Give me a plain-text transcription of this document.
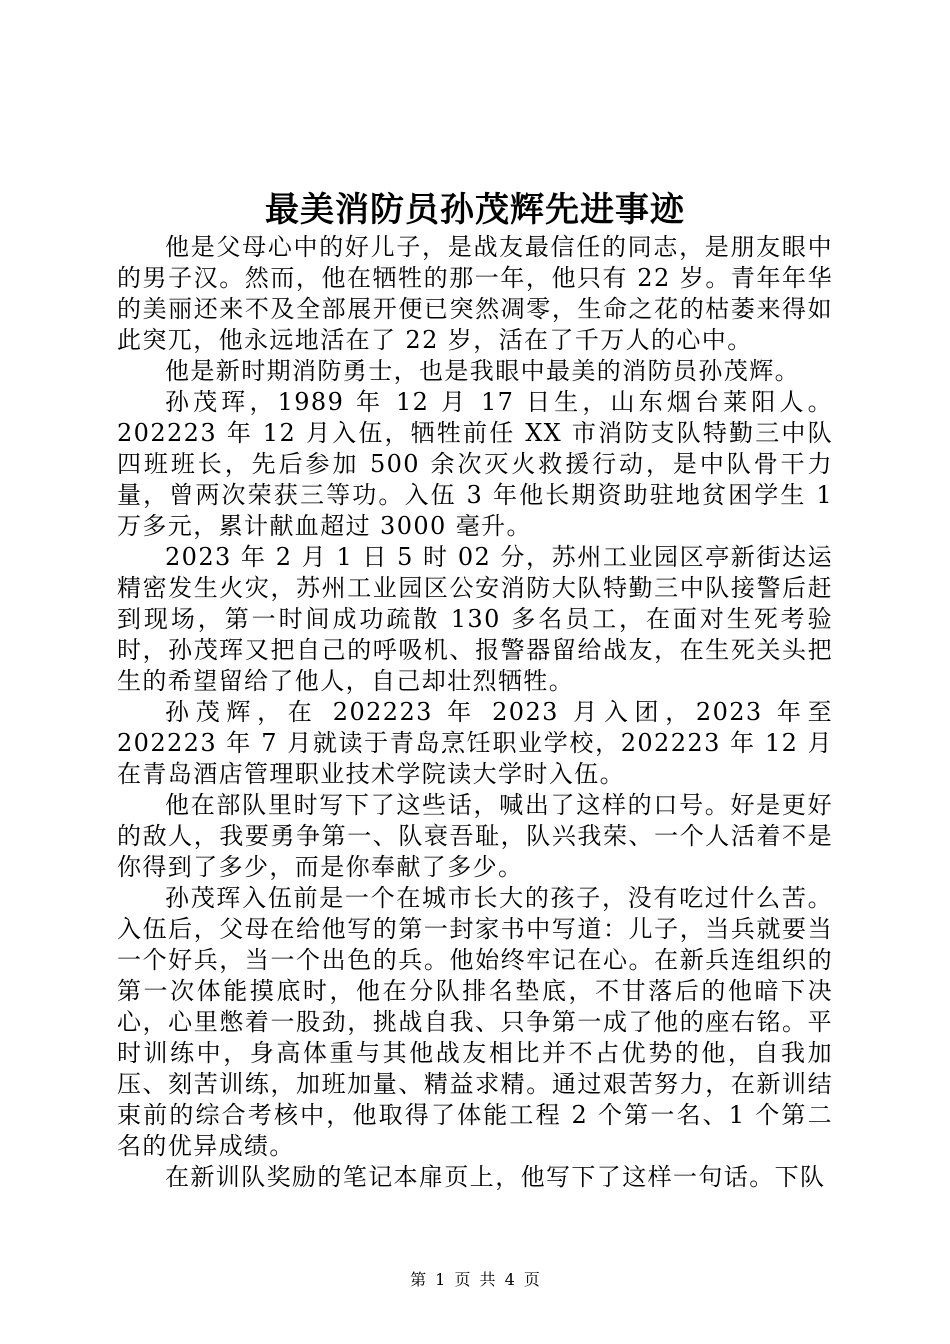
最美消防员孙茂辉先进事迹

他是父母心中的好儿子，是战友最信任的同志，是朋友眼中的男子汉。然而，他在牺牲的那一年，他只有 22 岁。青年年华的美丽还来不及全部展开便已突然凋零，生命之花的枯萎来得如此突兀，他永远地活在了 22 岁，活在了千万人的心中。

他是新时期消防勇士，也是我眼中最美的消防员孙茂辉。

孙茂珲，1989 年 12 月 17 日生，山东烟台莱阳人。202223 年 12 月入伍，牺牲前任 XX 市消防支队特勤三中队四班班长，先后参加 500 余次灭火救援行动，是中队骨干力量，曾两次荣获三等功。入伍 3 年他长期资助驻地贫困学生 1 万多元，累计献血超过 3000 毫升。

2023 年 2 月 1 日 5 时 02 分，苏州工业园区亭新街达运精密发生火灾，苏州工业园区公安消防大队特勤三中队接警后赶到现场，第一时间成功疏散 130 多名员工，在面对生死考验时，孙茂珲又把自己的呼吸机、报警器留给战友，在生死关头把生的希望留给了他人，自己却壮烈牺牲。

孙茂辉，在 202223 年 2023 月入团，2023 年至 202223 年 7 月就读于青岛烹饪职业学校，202223 年 12 月在青岛酒店管理职业技术学院读大学时入伍。

他在部队里时写下了这些话，喊出了这样的口号。好是更好的敌人，我要勇争第一、队衰吾耻，队兴我荣、一个人活着不是你得到了多少，而是你奉献了多少。

孙茂珲入伍前是一个在城市长大的孩子，没有吃过什么苦。入伍后，父母在给他写的第一封家书中写道：儿子，当兵就要当一个好兵，当一个出色的兵。他始终牢记在心。在新兵连组织的第一次体能摸底时，他在分队排名垫底，不甘落后的他暗下决心，心里憋着一股劲，挑战自我、只争第一成了他的座右铭。平时训练中，身高体重与其他战友相比并不占优势的他，自我加压、刻苦训练，加班加量、精益求精。通过艰苦努力，在新训结束前的综合考核中，他取得了体能工程 2 个第一名、1 个第二名的优异成绩。

在新训队奖励的笔记本扉页上，他写下了这样一句话。下队

第 1 页 共 4 页
